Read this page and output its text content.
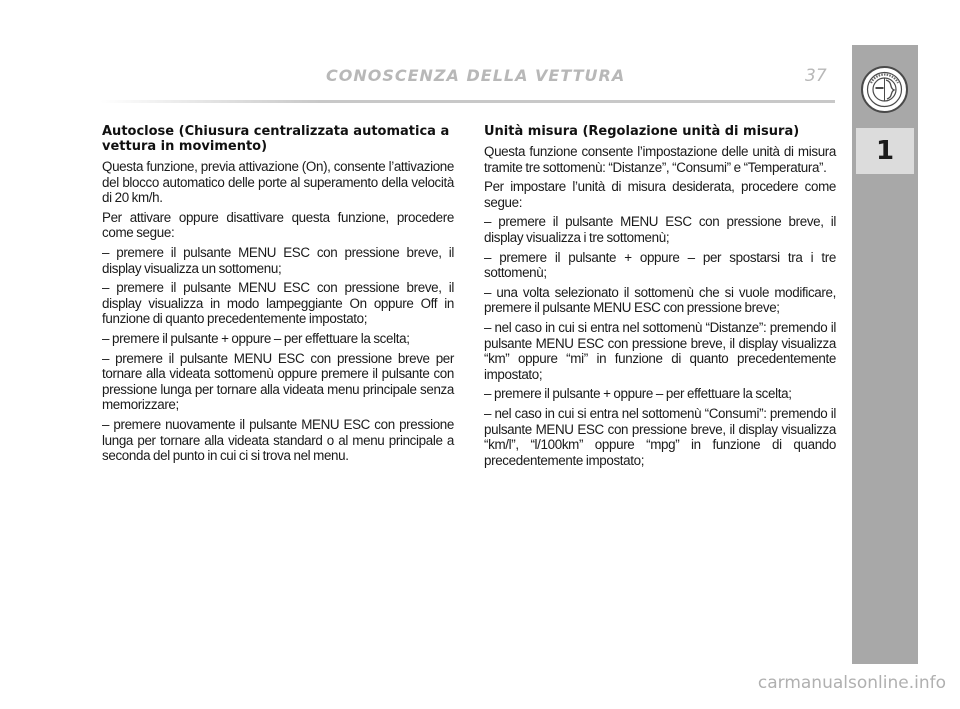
CONOSCENZA DELLA VETTURA	37
1
Autoclose (Chiusura centralizzata automatica a vettura in movimento)

Questa funzione, previa attivazione (On), consente l’attivazione del blocco automatico delle porte al superamento della velocità di 20 km/h.

Per attivare oppure disattivare questa funzione, procedere come segue:

– premere il pulsante MENU ESC con pressione breve, il display visualizza un sottomenu;

– premere il pulsante MENU ESC con pressione breve, il display visualizza in modo lampeggiante On oppure Off in funzione di quanto precedentemente impostato;

– premere il pulsante + oppure – per effettuare la scelta;

– premere il pulsante MENU ESC con pressione breve per tornare alla videata sottomenù oppure premere il pulsante con pressione lunga per tornare alla videata menu principale senza memorizzare;

– premere nuovamente il pulsante MENU ESC con pressione lunga per tornare alla videata standard o al menu principale a seconda del punto in cui ci si trova nel menu.

Unità misura (Regolazione unità di misura)

Questa funzione consente l’impostazione delle unità di misura tramite tre sottomenù: “Distanze”, “Consumi” e “Temperatura”.

Per impostare l’unità di misura desiderata, procedere come segue:

– premere il pulsante MENU ESC con pressione breve, il display visualizza i tre sottomenù;

– premere il pulsante + oppure – per spostarsi tra i tre sottomenù;

– una volta selezionato il sottomenù che si vuole modificare, premere il pulsante MENU ESC con pressione breve;

– nel caso in cui si entra nel sottomenù “Distanze”: premendo il pulsante MENU ESC con pressione breve, il display visualizza “km” oppure “mi” in funzione di quanto precedentemente impostato;

– premere il pulsante + oppure – per effettuare la scelta;

– nel caso in cui si entra nel sottomenù “Consumi”: premendo il pulsante MENU ESC con pressione breve, il display visualizza “km/l”, “l/100km” oppure “mpg” in funzione di quando precedentemente impostato;

carmanualsonline.info
